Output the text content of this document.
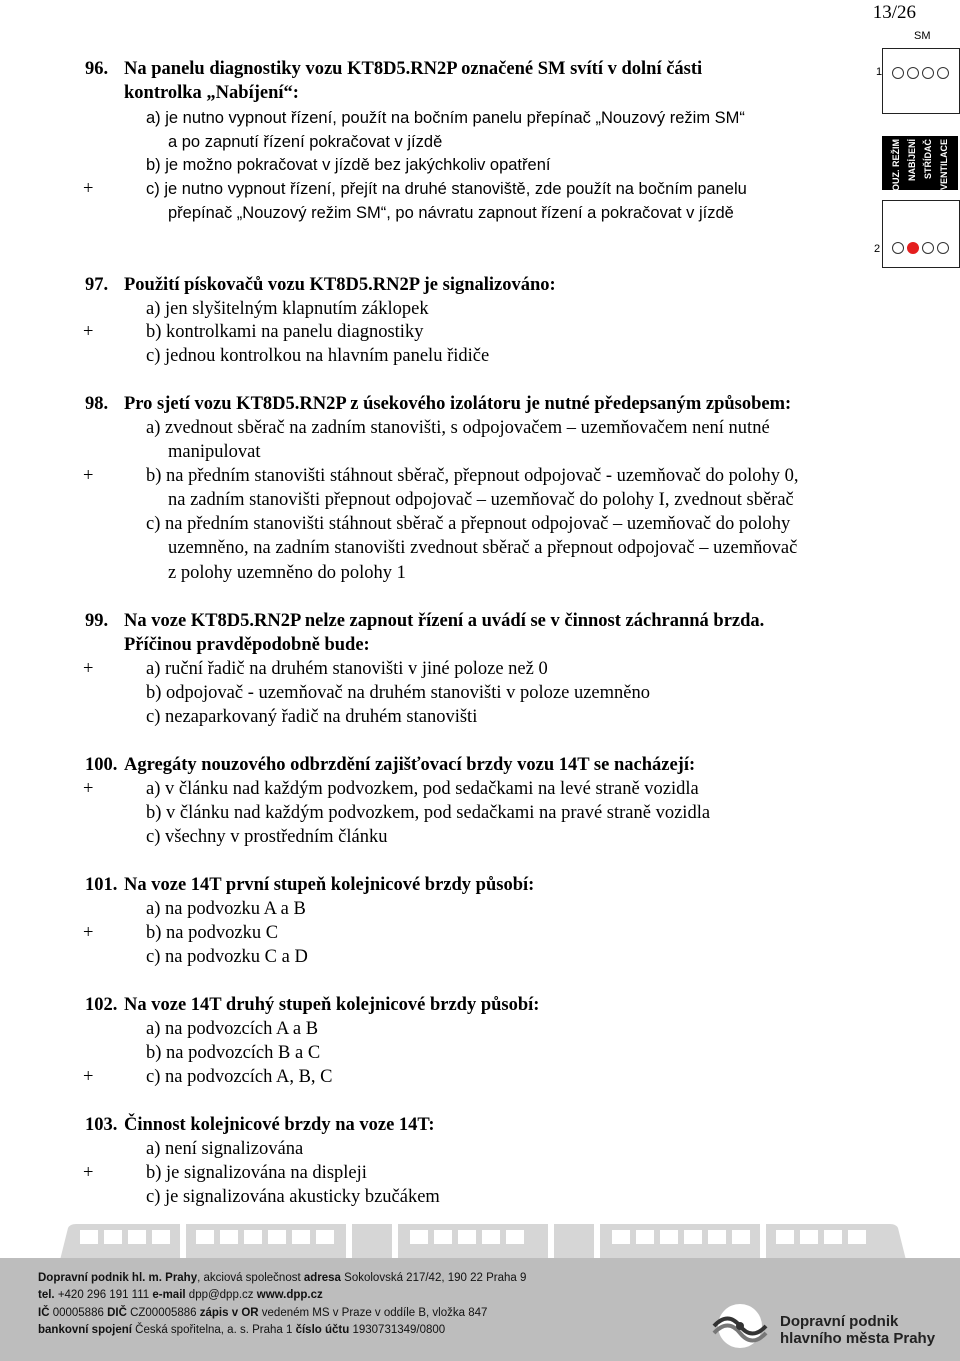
13/26
SM
1
NOUZ. REŽIM NABÍJENÍ STŘÍDAČ VENTILACE
2
96. Na panelu diagnostiky vozu KT8D5.RN2P označené SM svítí v dolní části
kontrolka „Nabíjení“:
a) je nutno vypnout řízení, použít na bočním panelu přepínač „Nouzový režim SM“
a po zapnutí řízení pokračovat v jízdě
b) je možno pokračovat v jízdě bez jakýchkoliv opatření
+	c) je nutno vypnout řízení, přejít na druhé stanoviště, zde použít na bočním panelu
přepínač „Nouzový režim SM“, po návratu zapnout řízení a pokračovat v jízdě
97. Použití pískovačů vozu KT8D5.RN2P je signalizováno:
a) jen slyšitelným klapnutím záklopek
+	b) kontrolkami na panelu diagnostiky
c) jednou kontrolkou na hlavním panelu řidiče
98. Pro sjetí vozu KT8D5.RN2P z úsekového izolátoru je nutné předepsaným způsobem:
a) zvednout sběrač na zadním stanovišti, s odpojovačem – uzemňovačem není nutné
manipulovat
+	b) na předním stanovišti stáhnout sběrač, přepnout odpojovač - uzemňovač do polohy 0,
na zadním stanovišti přepnout odpojovač – uzemňovač do polohy I, zvednout sběrač
c) na předním stanovišti stáhnout sběrač a přepnout odpojovač – uzemňovač do polohy
uzemněno, na zadním stanovišti zvednout sběrač a přepnout odpojovač – uzemňovač
z polohy uzemněno do polohy 1
99. Na voze KT8D5.RN2P nelze zapnout řízení a uvádí se v činnost záchranná brzda.
Příčinou pravděpodobně bude:
+	a) ruční řadič na druhém stanovišti v jiné poloze než 0
b) odpojovač - uzemňovač na druhém stanovišti v poloze uzemněno
c) nezaparkovaný řadič na druhém stanovišti
100. Agregáty nouzového odbrzdění zajišťovací brzdy vozu 14T se nacházejí:
+	a) v článku nad každým podvozkem, pod sedačkami na levé straně vozidla
b) v článku nad každým podvozkem, pod sedačkami na pravé straně vozidla
c) všechny v prostředním článku
101. Na voze 14T první stupeň kolejnicové brzdy působí:
a) na podvozku A a B
+	b) na podvozku C
c) na podvozku C a D
102. Na voze 14T druhý stupeň kolejnicové brzdy působí:
a) na podvozcích A a B
b) na podvozcích B a C
+	c) na podvozcích A, B, C
103. Činnost kolejnicové brzdy na voze 14T:
a) není signalizována
+	b) je signalizována na displeji
c) je signalizována akusticky bzučákem
Dopravní podnik hl. m. Prahy, akciová společnost adresa Sokolovská 217/42, 190 22 Praha 9
tel. +420 296 191 111 e-mail dpp@dpp.cz www.dpp.cz
IČ 00005886 DIČ CZ00005886 zápis v OR vedeném MS v Praze v oddíle B, vložka 847
bankovní spojení Česká spořitelna, a. s. Praha 1 číslo účtu 1930731349/0800	Dopravní podnik
hlavního města Prahy
